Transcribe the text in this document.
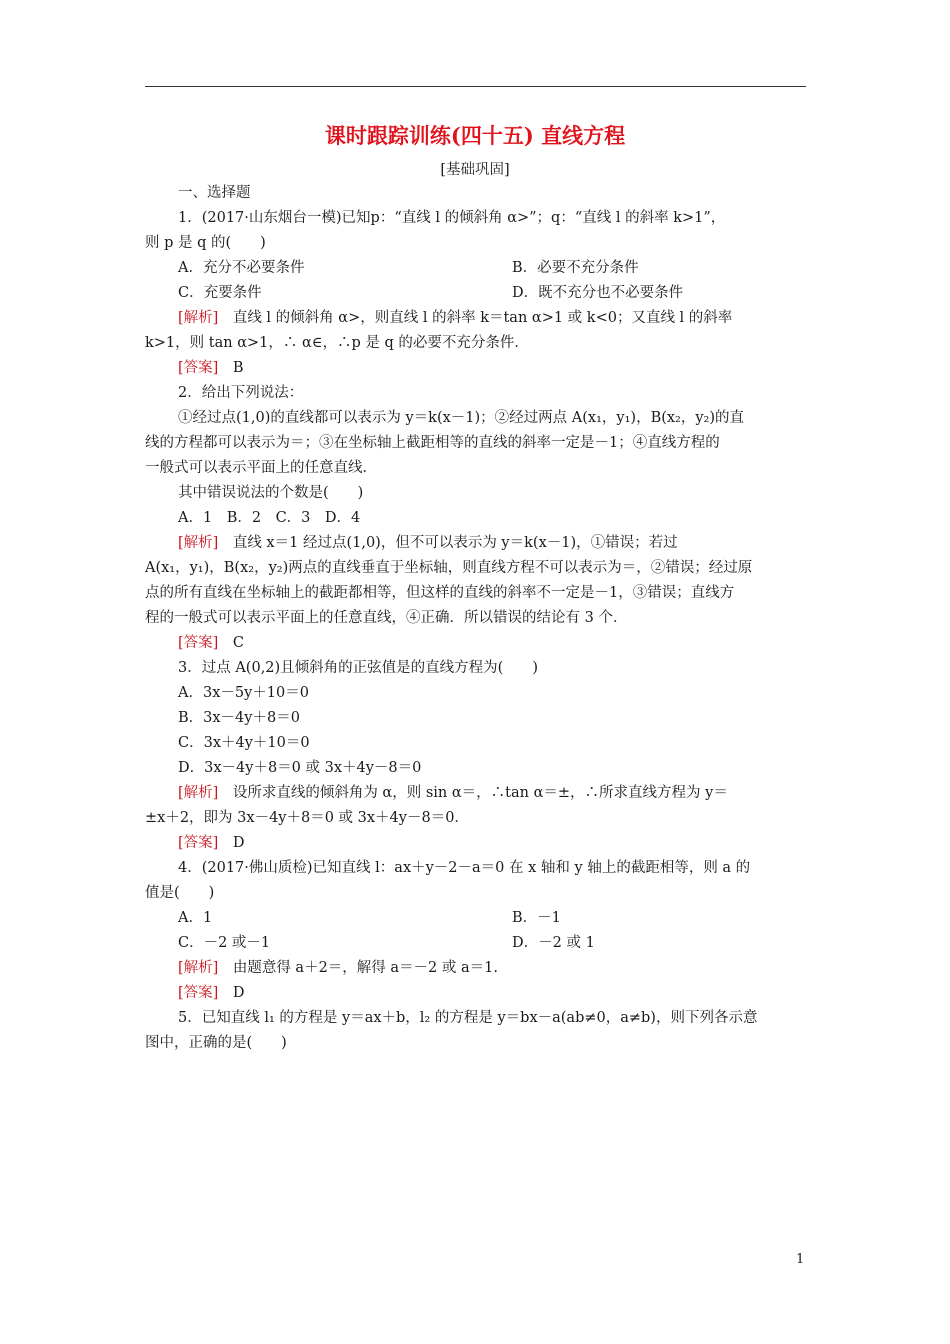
课时跟踪训练(四十五) 直线方程
[基础巩固]
一、选择题
1．(2017·山东烟台一模)已知p：“直线 l 的倾斜角 α>”；q：“直线 l 的斜率 k>1”，
则 p 是 q 的(　　)
A．充分不必要条件	B．必要不充分条件
C．充要条件	D．既不充分也不必要条件
[解析]　直线 l 的倾斜角 α>，则直线 l 的斜率 k＝tan α>1 或 k<0；又直线 l 的斜率
k>1，则 tan α>1，∴ α∈，∴p 是 q 的必要不充分条件．
[答案]　B
2．给出下列说法：
①经过点(1,0)的直线都可以表示为 y＝k(x－1)；②经过两点 A(x₁，y₁)，B(x₂，y₂)的直
线的方程都可以表示为＝；③在坐标轴上截距相等的直线的斜率一定是－1；④直线方程的
一般式可以表示平面上的任意直线．
其中错误说法的个数是(　　)
A．1　B．2　C．3　D．4
[解析]　直线 x＝1 经过点(1,0)，但不可以表示为 y＝k(x－1)，①错误；若过
A(x₁，y₁)，B(x₂，y₂)两点的直线垂直于坐标轴，则直线方程不可以表示为＝，②错误；经过原
点的所有直线在坐标轴上的截距都相等，但这样的直线的斜率不一定是－1，③错误；直线方
程的一般式可以表示平面上的任意直线，④正确．所以错误的结论有 3 个．
[答案]　C
3．过点 A(0,2)且倾斜角的正弦值是的直线方程为(　　)
A．3x－5y＋10＝0
B．3x－4y＋8＝0
C．3x＋4y＋10＝0
D．3x－4y＋8＝0 或 3x＋4y－8＝0
[解析]　设所求直线的倾斜角为 α，则 sin α＝，∴tan α＝±，∴所求直线方程为 y＝
±x＋2，即为 3x－4y＋8＝0 或 3x＋4y－8＝0．
[答案]　D
4．(2017·佛山质检)已知直线 l：ax＋y－2－a＝0 在 x 轴和 y 轴上的截距相等，则 a 的
值是(　　)
A．1	B．－1
C．－2 或－1	D．－2 或 1
[解析]　由题意得 a＋2＝，解得 a＝－2 或 a＝1.
[答案]　D
5．已知直线 l₁ 的方程是 y＝ax＋b，l₂ 的方程是 y＝bx－a(ab≠0，a≠b)，则下列各示意
图中，正确的是(　　)
1
